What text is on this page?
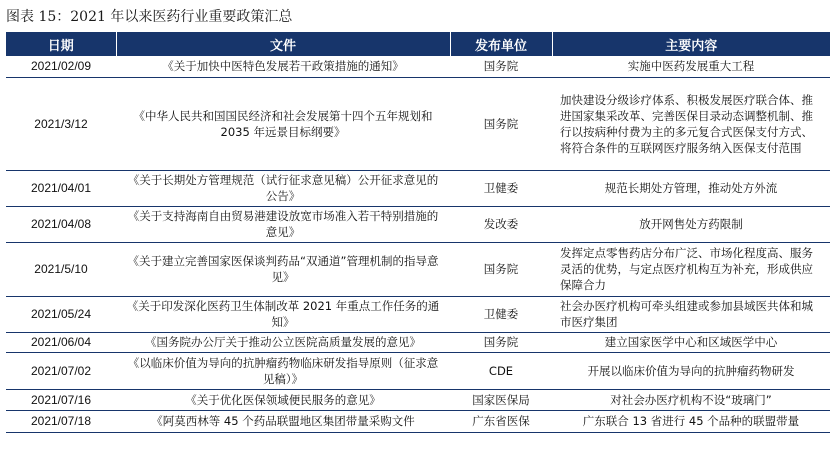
图表 15：2021 年以来医药行业重要政策汇总
日期	文件	发布单位	主要内容
2021/02/09	《关于加快中医特色发展若干政策措施的通知》	国务院	实施中医药发展重大工程
2021/3/12	《中华人民共和国国民经济和社会发展第十四个五年规划和 2035 年远景目标纲要》	国务院	加快建设分级诊疗体系、积极发展医疗联合体、推进国家集采改革、完善医保目录动态调整机制、推行以按病种付费为主的多元复合式医保支付方式、将符合条件的互联网医疗服务纳入医保支付范围
2021/04/01	《关于长期处方管理规范（试行征求意见稿）公开征求意见的公告》	卫健委	规范长期处方管理，推动处方外流
2021/04/08	《关于支持海南自由贸易港建设放宽市场准入若干特别措施的意见》	发改委	放开网售处方药限制
2021/5/10	《关于建立完善国家医保谈判药品“双通道”管理机制的指导意见》	国务院	发挥定点零售药店分布广泛、市场化程度高、服务灵活的优势，与定点医疗机构互为补充，形成供应保障合力
2021/05/24	《关于印发深化医药卫生体制改革 2021 年重点工作任务的通知》	卫健委	社会办医疗机构可牵头组建或参加县域医共体和城市医疗集团
2021/06/04	《国务院办公厅关于推动公立医院高质量发展的意见》	国务院	建立国家医学中心和区域医学中心
2021/07/02	《以临床价值为导向的抗肿瘤药物临床研发指导原则（征求意见稿）》	CDE	开展以临床价值为导向的抗肿瘤药物研发
2021/07/16	《关于优化医保领域便民服务的意见》	国家医保局	对社会办医疗机构不设“玻璃门”
2021/07/18	《阿莫西林等 45 个药品联盟地区集团带量采购文件	广东省医保	广东联合 13 省进行 45 个品种的联盟带量
